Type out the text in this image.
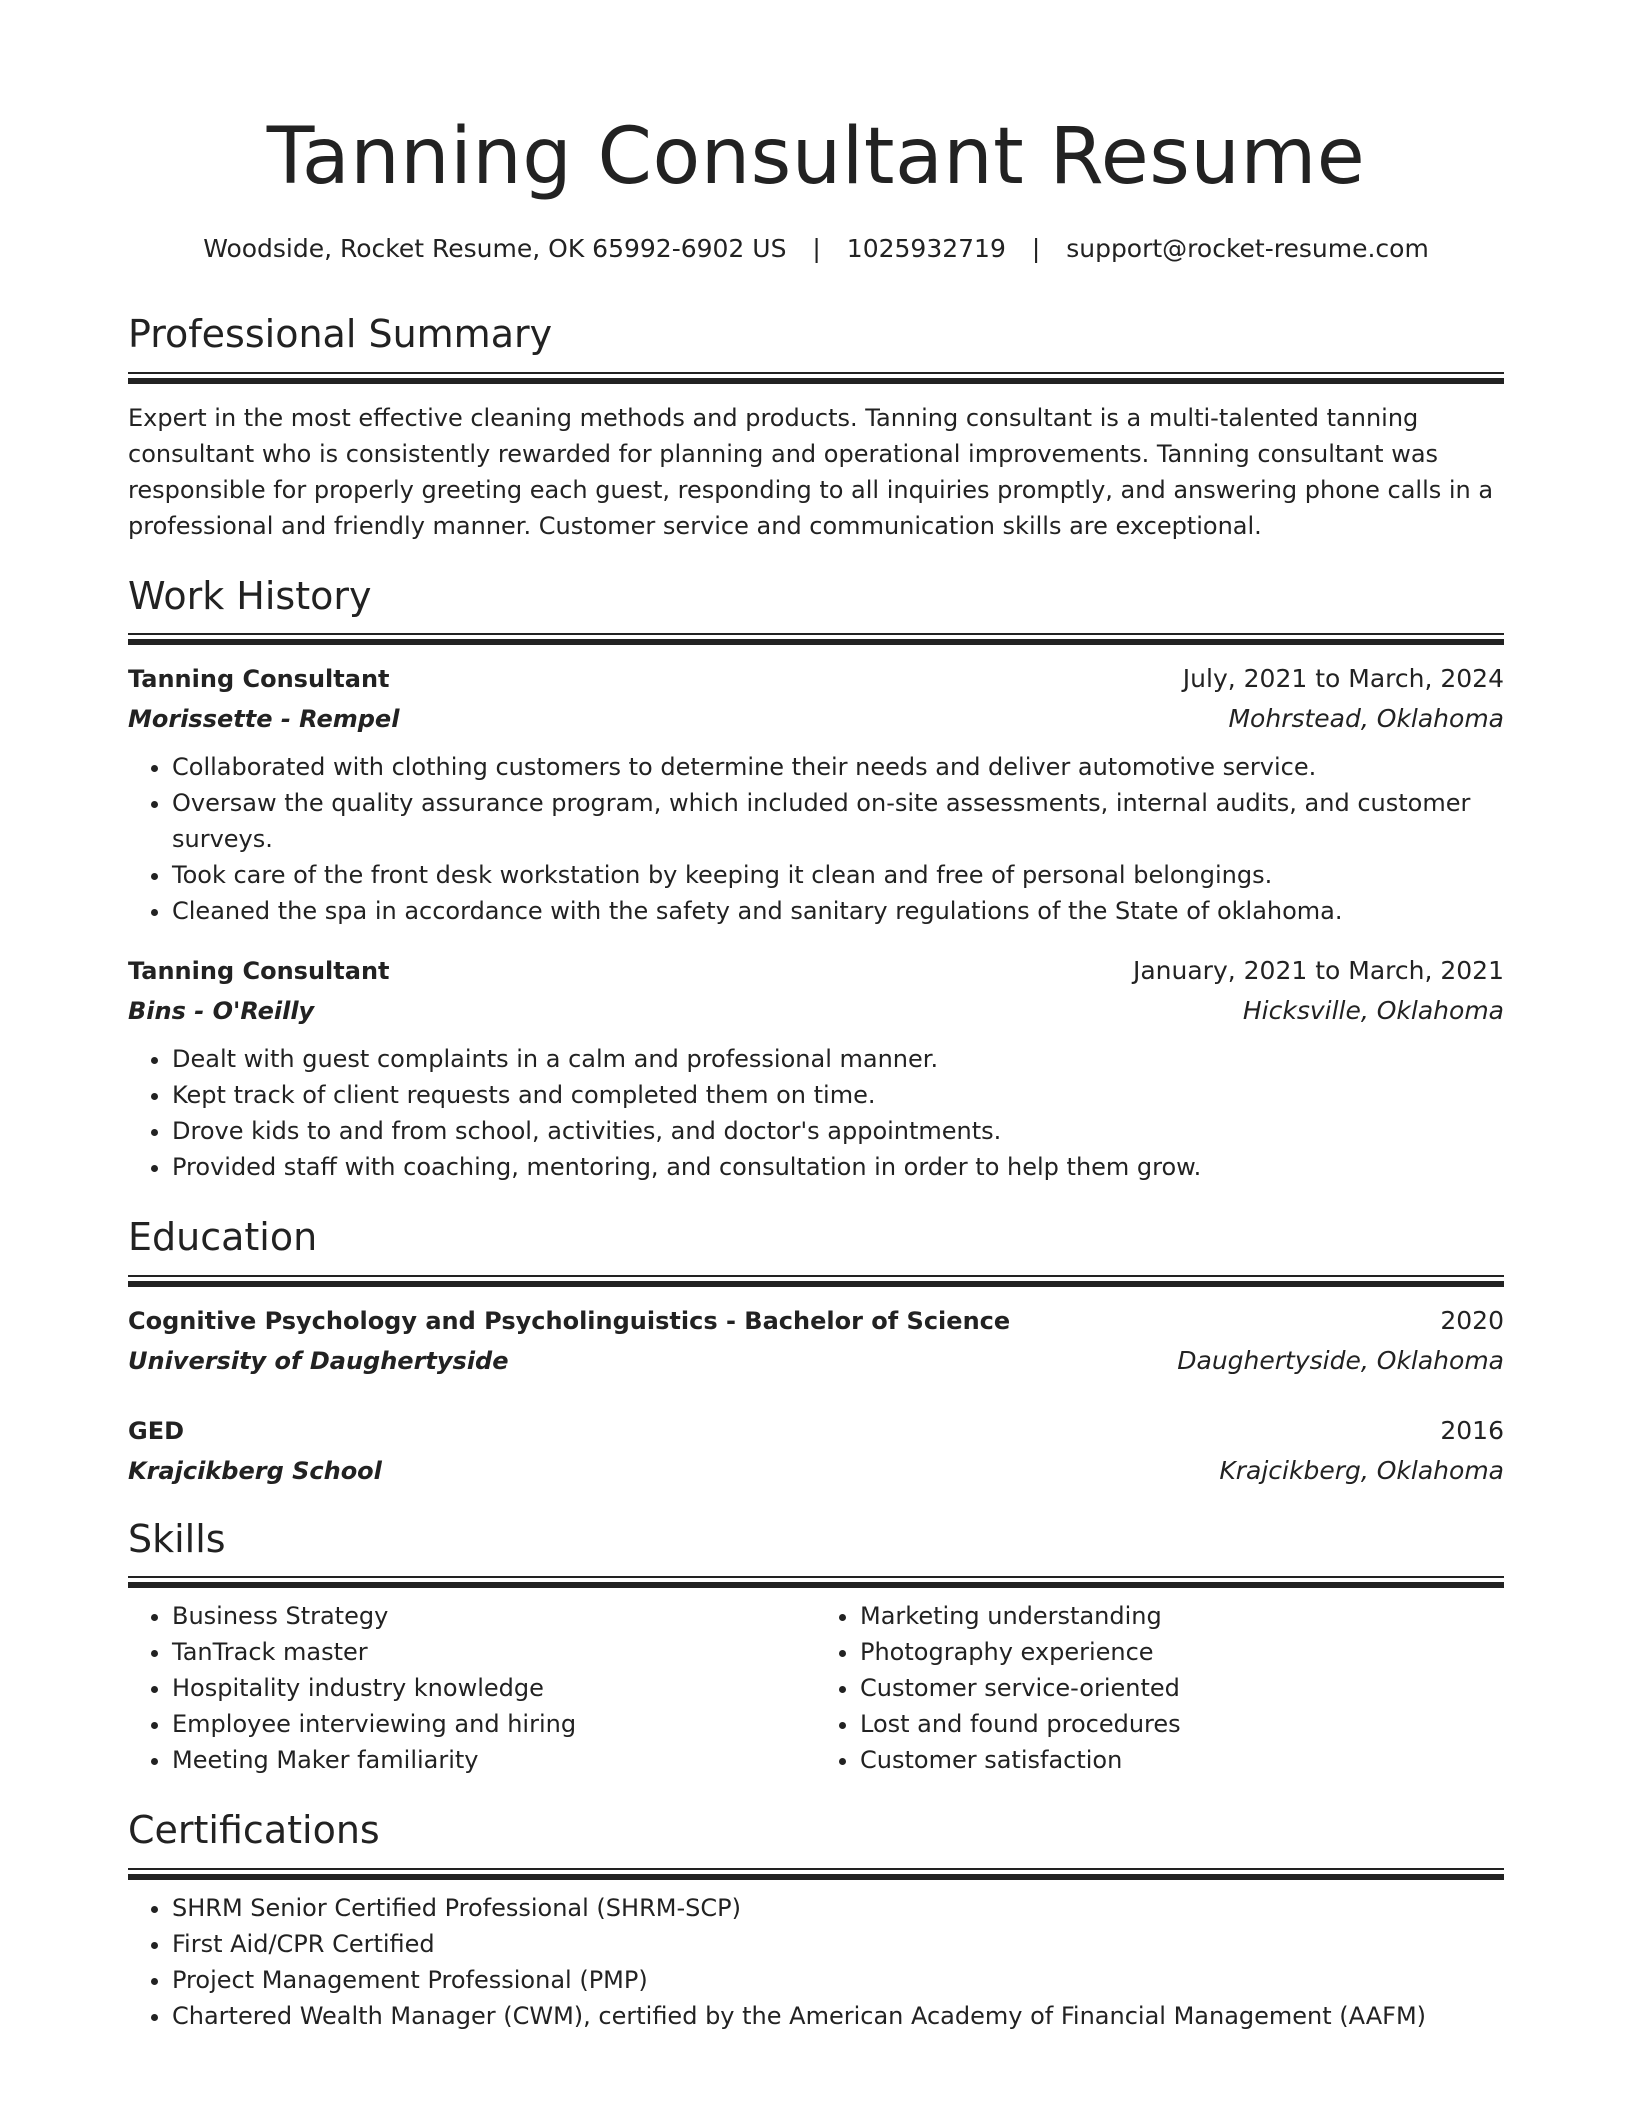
Tanning Consultant Resume
Woodside, Rocket Resume, OK 65992-6902 US | 1025932719 | support@rocket-resume.com
Professional Summary
Expert in the most effective cleaning methods and products. Tanning consultant is a multi-talented tanning consultant who is consistently rewarded for planning and operational improvements. Tanning consultant was responsible for properly greeting each guest, responding to all inquiries promptly, and answering phone calls in a professional and friendly manner. Customer service and communication skills are exceptional.
Work History
Tanning Consultant	July, 2021 to March, 2024
Morissette - Rempel	Mohrstead, Oklahoma
• Collaborated with clothing customers to determine their needs and deliver automotive service.
• Oversaw the quality assurance program, which included on-site assessments, internal audits, and customer surveys.
• Took care of the front desk workstation by keeping it clean and free of personal belongings.
• Cleaned the spa in accordance with the safety and sanitary regulations of the State of oklahoma.
Tanning Consultant	January, 2021 to March, 2021
Bins - O'Reilly	Hicksville, Oklahoma
• Dealt with guest complaints in a calm and professional manner.
• Kept track of client requests and completed them on time.
• Drove kids to and from school, activities, and doctor's appointments.
• Provided staff with coaching, mentoring, and consultation in order to help them grow.
Education
Cognitive Psychology and Psycholinguistics - Bachelor of Science	2020
University of Daughertyside	Daughertyside, Oklahoma
GED	2016
Krajcikberg School	Krajcikberg, Oklahoma
Skills
• Business Strategy
• TanTrack master
• Hospitality industry knowledge
• Employee interviewing and hiring
• Meeting Maker familiarity
• Marketing understanding
• Photography experience
• Customer service-oriented
• Lost and found procedures
• Customer satisfaction
Certifications
• SHRM Senior Certified Professional (SHRM-SCP)
• First Aid/CPR Certified
• Project Management Professional (PMP)
• Chartered Wealth Manager (CWM), certified by the American Academy of Financial Management (AAFM)
